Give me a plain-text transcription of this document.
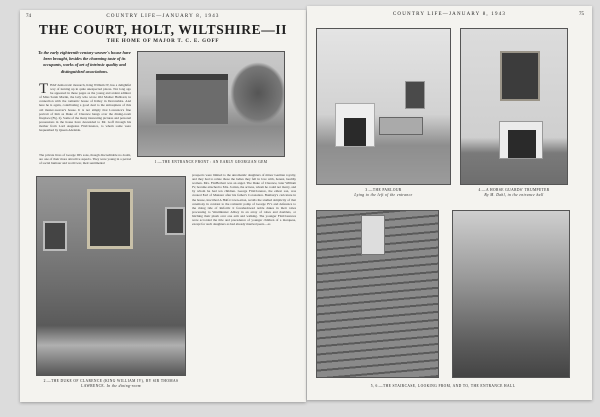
74	COUNTRY LIFE—JANUARY 8, 1943
THE COURT, HOLT, WILTSHIRE—II
THE HOME OF MAJOR T. C. E. GOFF
To the early eighteenth-century weaver's house have been brought, besides the charming taste of its occupants, works of art of intrinsic quality and distinguished associations.
THAT democratic monarch, King William IV, has a delightful way of turning up in quite unexpected places. Not long ago he appeared in these pages as the young and ardent admirer of Miss Sarah Martin, the lady who wrote Old Mother Hubbard, in connection with the romantic house of Kitley in Devonshire. And here he is again, contributing a good deal to the atmosphere of this old master-weaver's house. It is not simply that Lawrence's fine portrait of him as Duke of Clarence hangs over the dining-room fireplace (Fig. 2). Some of the many interesting pictures and personal possessions in the house have descended to Mr. Goff through his mother from Lord Augustus FitzClarence, to whom some were bequeathed by Queen Adelaide.
The private lives of George III's sons, though discreditable no doubt, are one of their more attractive aspects. They were young in a period of social humour and world war, their sentimental	1.—THE ENTRANCE FRONT : AN EARLY GEORGIAN GEM
2.—THE DUKE OF CLARENCE (KING WILLIAM IV), BY SIR THOMAS LAWRENCE. In the dining-room
prospects were limited to the unromantic daughters of minor German royalty, and they had to relate those the ladies they fell in love with, honest, healthy women. Mrs. FitzHerbert was an angel. The Duke of Clarence, later William IV, became attached to Mrs. Jordan, the actress, whom he could not marry, and by whom he had ten children. George FitzClarence, the eldest son, was created Earl of Munster after his father's Coronation. Bunbury's caricature in the house, inscribed A Half-Crown-ation, recalls the studied simplicity of that ceremony in contrast to the romantic pomp of George IV's and deference to the rising tide of Reform: it foreshadowed noble dukes in their robes processing to Westminster Abbey in an array of robes and doublets, or hitching their plush over one arm and walking. The younger FitzClarences were accorded the title and precedence of younger children of a marquess, except for such daughters as had already married peers—as
COUNTRY LIFE—JANUARY 8, 1943	75
3.—THE PARLOUR
Lying to the left of the entrance
4.—A HORSE GUARDS' TRUMPETER
By M. Dahl, in the entrance hall
5, 6.—THE STAIRCASE, LOOKING FROM, AND TO, THE ENTRANCE HALL
